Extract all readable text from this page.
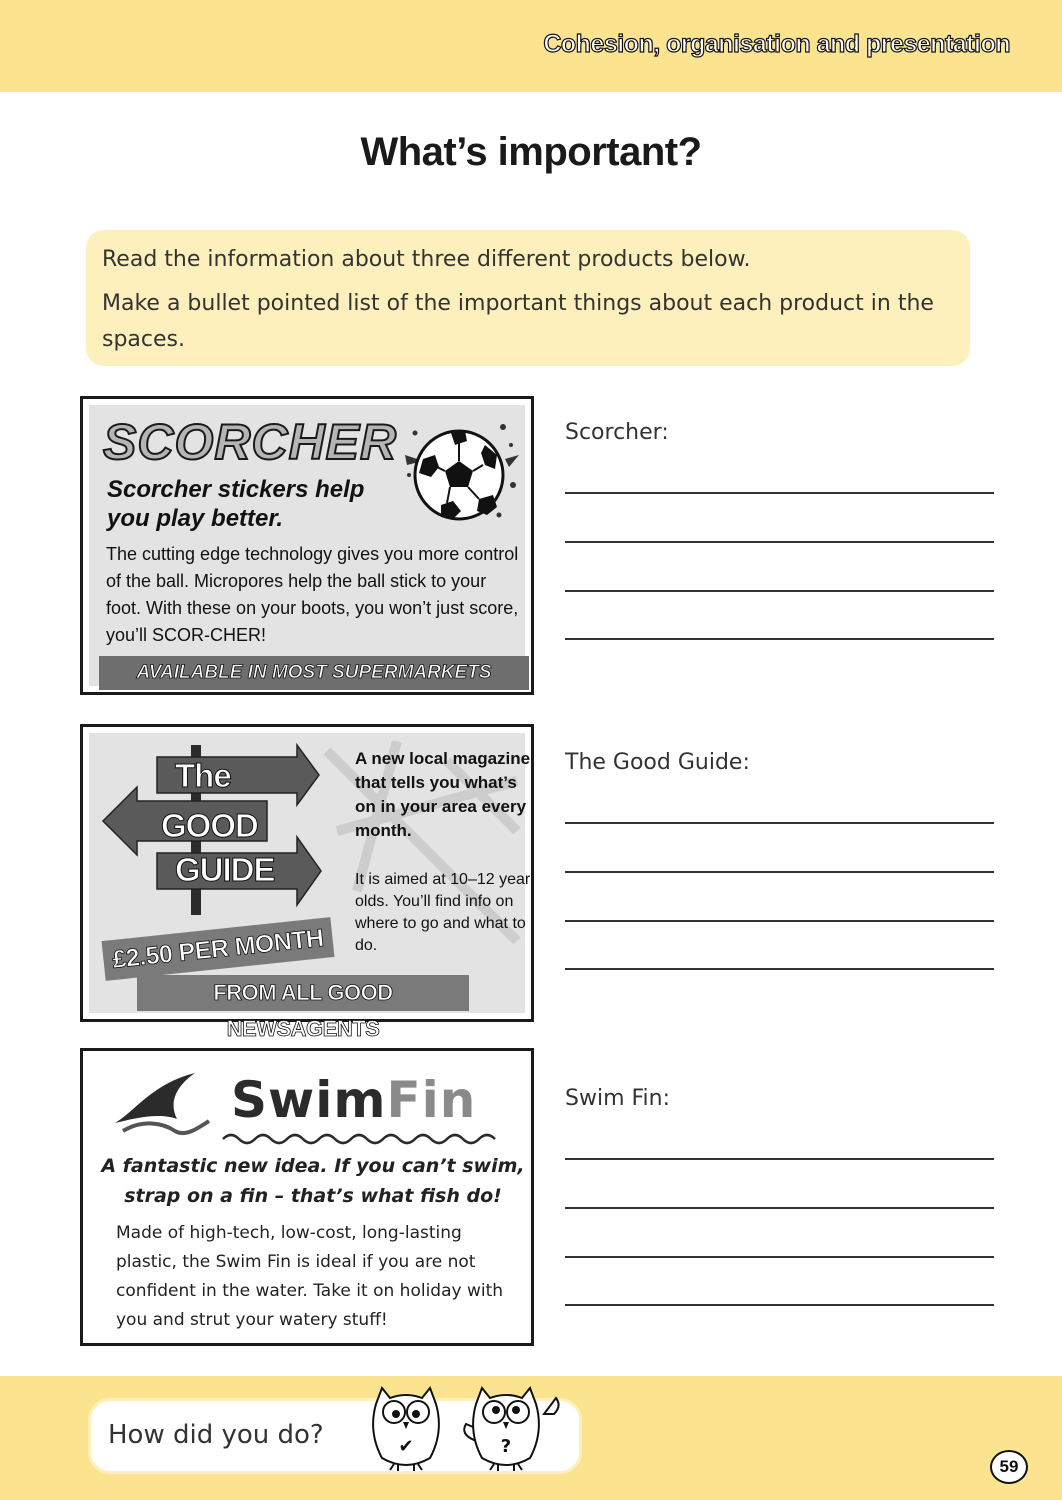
Cohesion, organisation and presentation
What’s important?

Read the information about three different products below.

Make a bullet pointed list of the important things about each product in the spaces.

SCORCHER
Scorcher stickers help you play better.
The cutting edge technology gives you more control of the ball. Micropores help the ball stick to your foot. With these on your boots, you won’t just score, you’ll SCOR-CHER!
AVAILABLE IN MOST SUPERMARKETS
The
GOOD
GUIDE
A new local magazine that tells you what’s on in your area every month.
It is aimed at 10–12 year olds. You’ll find info on where to go and what to do.
£2.50 PER MONTH
FROM ALL GOOD NEWSAGENTS
SwimFin
A fantastic new idea. If you can’t swim, strap on a fin – that’s what fish do!
Made of high-tech, low-cost, long-lasting plastic, the Swim Fin is ideal if you are not confident in the water. Take it on holiday with you and strut your watery stuff!
Scorcher:
The Good Guide:
Swim Fin:
How did you do?	✔	?
59
